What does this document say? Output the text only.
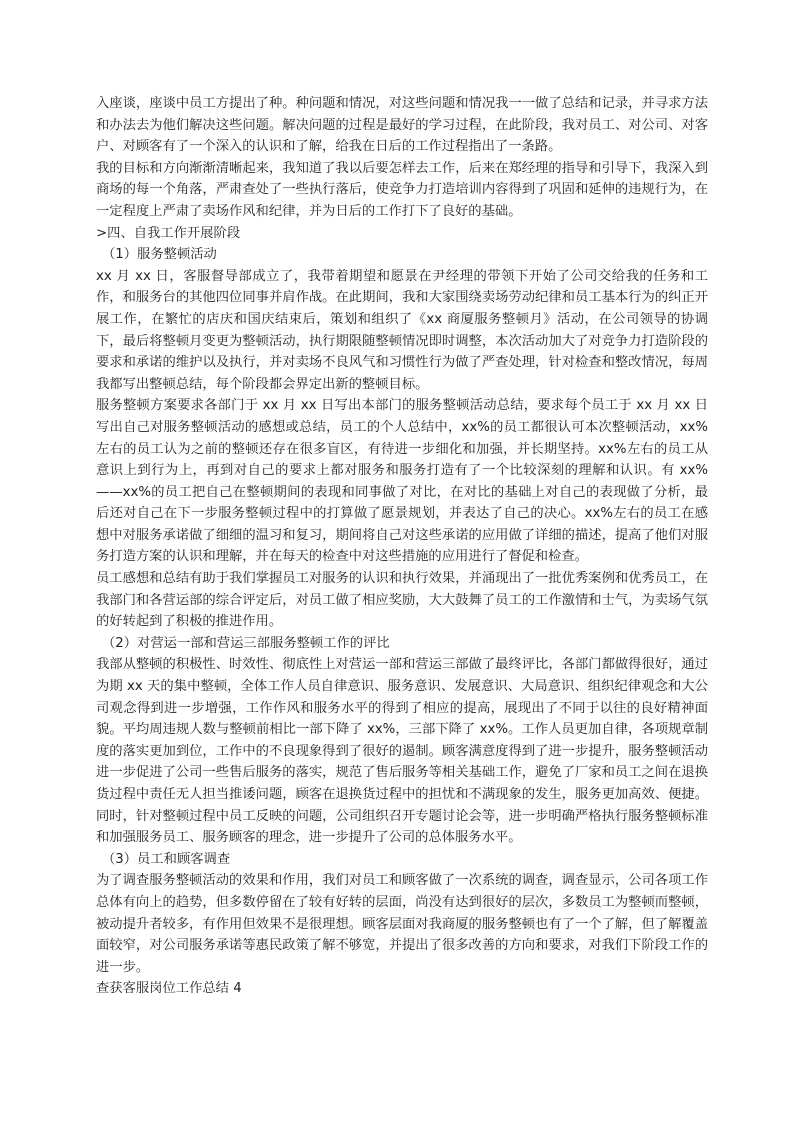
入座谈，座谈中员工方提出了种。种问题和情况，对这些问题和情况我一一做了总结和记录，并寻求方法和办法去为他们解决这些问题。解决问题的过程是最好的学习过程，在此阶段，我对员工、对公司、对客户、对顾客有了一个深入的认识和了解，给我在日后的工作过程指出了一条路。

我的目标和方向渐渐清晰起来，我知道了我以后要怎样去工作，后来在郑经理的指导和引导下，我深入到商场的每一个角落，严肃查处了一些执行落后，使竞争力打造培训内容得到了巩固和延伸的违规行为，在一定程度上严肃了卖场作风和纪律，并为日后的工作打下了良好的基础。

>四、自我工作开展阶段

（1）服务整顿活动

xx 月 xx 日，客服督导部成立了，我带着期望和愿景在尹经理的带领下开始了公司交给我的任务和工作，和服务台的其他四位同事并肩作战。在此期间，我和大家围绕卖场劳动纪律和员工基本行为的纠正开展工作，在繁忙的店庆和国庆结束后，策划和组织了《xx 商厦服务整顿月》活动，在公司领导的协调下，最后将整顿月变更为整顿活动，执行期限随整顿情况即时调整，本次活动加大了对竞争力打造阶段的要求和承诺的维护以及执行，并对卖场不良风气和习惯性行为做了严查处理，针对检查和整改情况，每周我都写出整顿总结，每个阶段都会界定出新的整顿目标。

服务整顿方案要求各部门于 xx 月 xx 日写出本部门的服务整顿活动总结，要求每个员工于 xx 月 xx 日写出自己对服务整顿活动的感想或总结，员工的个人总结中，xx%的员工都很认可本次整顿活动，xx%左右的员工认为之前的整顿还存在很多盲区，有待进一步细化和加强，并长期坚持。xx%左右的员工从意识上到行为上，再到对自己的要求上都对服务和服务打造有了一个比较深刻的理解和认识。有 xx%——xx%的员工把自己在整顿期间的表现和同事做了对比，在对比的基础上对自己的表现做了分析，最后还对自己在下一步服务整顿过程中的打算做了愿景规划，并表达了自己的决心。xx%左右的员工在感想中对服务承诺做了细细的温习和复习，期间将自己对这些承诺的应用做了详细的描述，提高了他们对服务打造方案的认识和理解，并在每天的检查中对这些措施的应用进行了督促和检查。

员工感想和总结有助于我们掌握员工对服务的认识和执行效果，并涌现出了一批优秀案例和优秀员工，在我部门和各营运部的综合评定后，对员工做了相应奖励，大大鼓舞了员工的工作激情和士气，为卖场气氛的好转起到了积极的推进作用。

（2）对营运一部和营运三部服务整顿工作的评比

我部从整顿的积极性、时效性、彻底性上对营运一部和营运三部做了最终评比，各部门都做得很好，通过为期 xx 天的集中整顿，全体工作人员自律意识、服务意识、发展意识、大局意识、组织纪律观念和大公司观念得到进一步增强，工作作风和服务水平的得到了相应的提高，展现出了不同于以往的良好精神面貌。平均周违规人数与整顿前相比一部下降了 xx%，三部下降了 xx%。工作人员更加自律，各项规章制度的落实更加到位，工作中的不良现象得到了很好的遏制。顾客满意度得到了进一步提升，服务整顿活动进一步促进了公司一些售后服务的落实，规范了售后服务等相关基础工作，避免了厂家和员工之间在退换货过程中责任无人担当推诿问题，顾客在退换货过程中的担忧和不满现象的发生，服务更加高效、便捷。同时，针对整顿过程中员工反映的问题，公司组织召开专题讨论会等，进一步明确严格执行服务整顿标准和加强服务员工、服务顾客的理念，进一步提升了公司的总体服务水平。

（3）员工和顾客调查

为了调查服务整顿活动的效果和作用，我们对员工和顾客做了一次系统的调查，调查显示，公司各项工作总体有向上的趋势，但多数停留在了较有好转的层面，尚没有达到很好的层次，多数员工为整顿而整顿，被动提升者较多，有作用但效果不是很理想。顾客层面对我商厦的服务整顿也有了一个了解，但了解覆盖面较窄，对公司服务承诺等惠民政策了解不够宽，并提出了很多改善的方向和要求，对我们下阶段工作的进一步。

查获客服岗位工作总结 4
